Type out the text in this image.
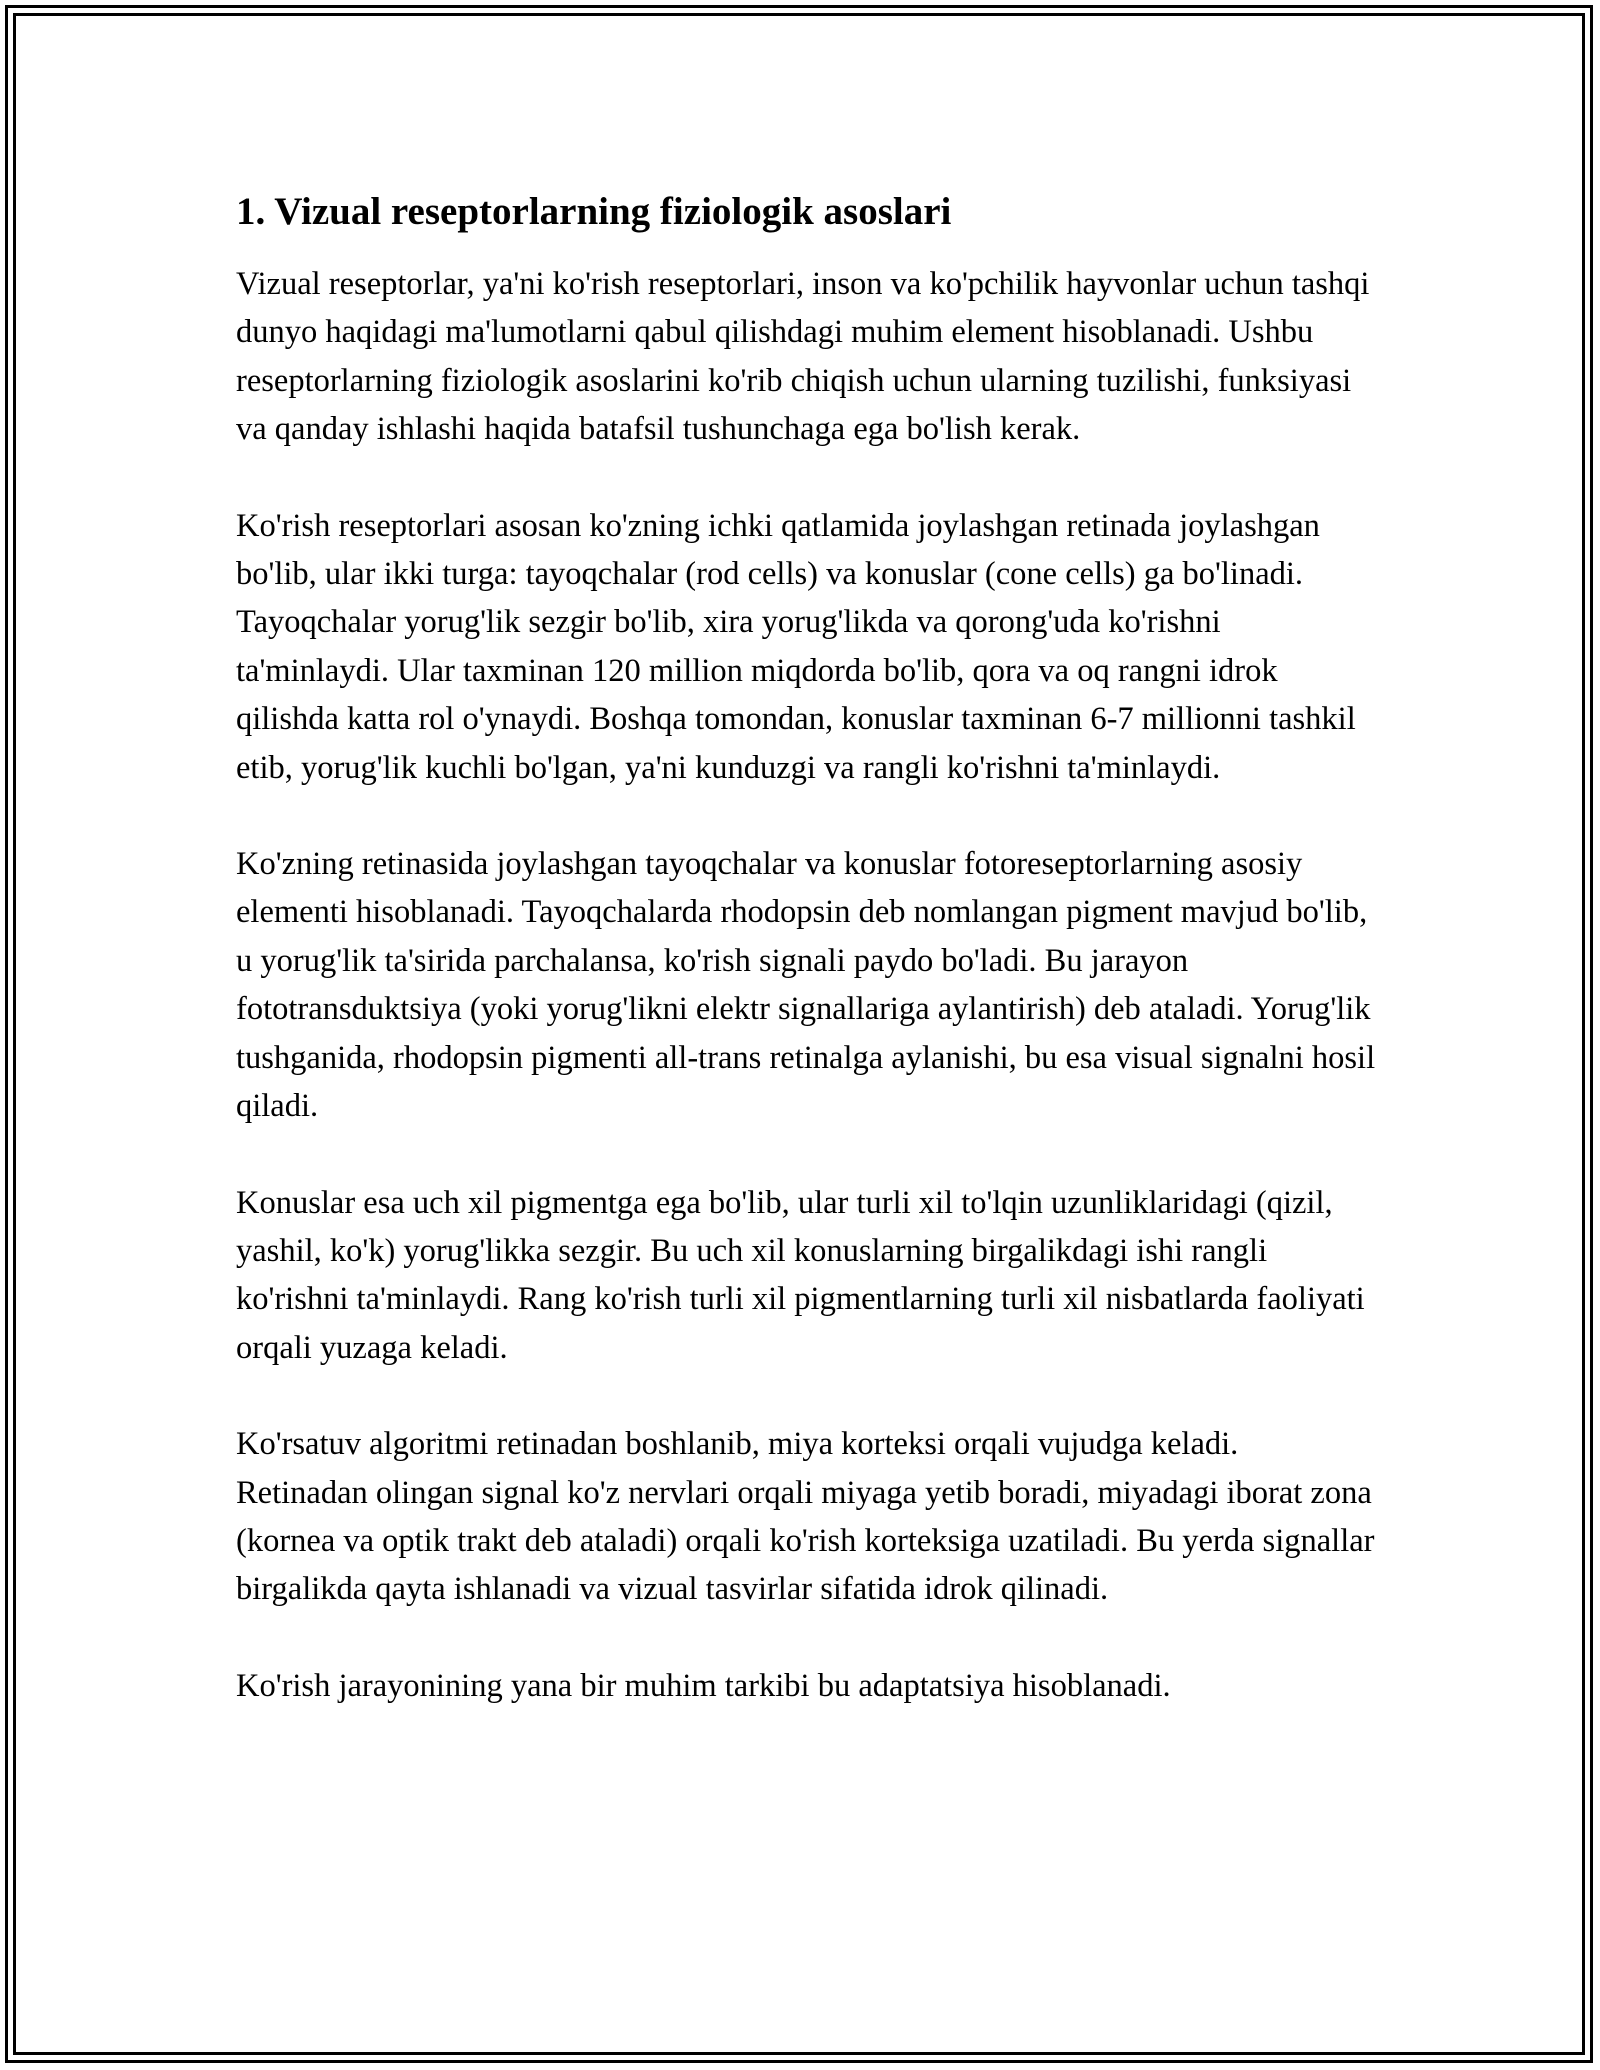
1. Vizual reseptorlarning fiziologik asoslari

Vizual reseptorlar, ya'ni ko'rish reseptorlari, inson va ko'pchilik hayvonlar uchun tashqi dunyo haqidagi ma'lumotlarni qabul qilishdagi muhim element hisoblanadi. Ushbu reseptorlarning fiziologik asoslarini ko'rib chiqish uchun ularning tuzilishi, funksiyasi va qanday ishlashi haqida batafsil tushunchaga ega bo'lish kerak.

Ko'rish reseptorlari asosan ko'zning ichki qatlamida joylashgan retinada joylashgan bo'lib, ular ikki turga: tayoqchalar (rod cells) va konuslar (cone cells) ga bo'linadi. Tayoqchalar yorug'lik sezgir bo'lib, xira yorug'likda va qorong'uda ko'rishni ta'minlaydi. Ular taxminan 120 million miqdorda bo'lib, qora va oq rangni idrok qilishda katta rol o'ynaydi. Boshqa tomondan, konuslar taxminan 6-7 millionni tashkil etib, yorug'lik kuchli bo'lgan, ya'ni kunduzgi va rangli ko'rishni ta'minlaydi.

Ko'zning retinasida joylashgan tayoqchalar va konuslar fotoreseptorlarning asosiy elementi hisoblanadi. Tayoqchalarda rhodopsin deb nomlangan pigment mavjud bo'lib, u yorug'lik ta'sirida parchalansa, ko'rish signali paydo bo'ladi. Bu jarayon fototransduktsiya (yoki yorug'likni elektr signallariga aylantirish) deb ataladi. Yorug'lik tushganida, rhodopsin pigmenti all-trans retinalga aylanishi, bu esa visual signalni hosil qiladi.

Konuslar esa uch xil pigmentga ega bo'lib, ular turli xil to'lqin uzunliklaridagi (qizil, yashil, ko'k) yorug'likka sezgir. Bu uch xil konuslarning birgalikdagi ishi rangli ko'rishni ta'minlaydi. Rang ko'rish turli xil pigmentlarning turli xil nisbatlarda faoliyati orqali yuzaga keladi.

Ko'rsatuv algoritmi retinadan boshlanib, miya korteksi orqali vujudga keladi. Retinadan olingan signal ko'z nervlari orqali miyaga yetib boradi, miyadagi iborat zona (kornea va optik trakt deb ataladi) orqali ko'rish korteksiga uzatiladi. Bu yerda signallar birgalikda qayta ishlanadi va vizual tasvirlar sifatida idrok qilinadi.

Ko'rish jarayonining yana bir muhim tarkibi bu adaptatsiya hisoblanadi.
